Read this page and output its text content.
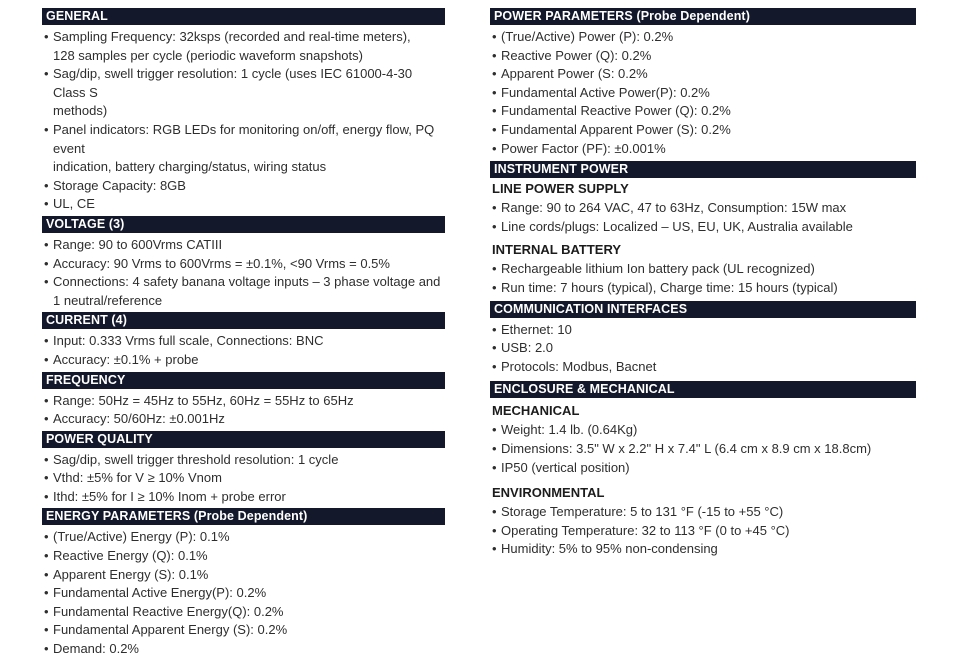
GENERAL
• Sampling Frequency: 32ksps (recorded and real-time meters),
128 samples per cycle (periodic waveform snapshots)
• Sag/dip, swell trigger resolution: 1 cycle (uses IEC 61000-4-30 Class S
methods)
• Panel indicators: RGB LEDs for monitoring on/off, energy flow, PQ event
indication, battery charging/status, wiring status
• Storage Capacity: 8GB
• UL, CE
VOLTAGE (3)
• Range: 90 to 600Vrms CATIII
• Accuracy: 90 Vrms to 600Vrms = ±0.1%, <90 Vrms = 0.5%
• Connections: 4 safety banana voltage inputs – 3 phase voltage and
1 neutral/reference
CURRENT (4)
• Input: 0.333 Vrms full scale, Connections: BNC
• Accuracy: ±0.1% + probe
FREQUENCY
• Range: 50Hz = 45Hz to 55Hz, 60Hz = 55Hz to 65Hz
• Accuracy: 50/60Hz: ±0.001Hz
POWER QUALITY
• Sag/dip, swell trigger threshold resolution: 1 cycle
• Vthd: ±5% for V ≥ 10% Vnom
• Ithd: ±5% for I ≥ 10% Inom + probe error
ENERGY PARAMETERS (Probe Dependent)
• (True/Active) Energy (P): 0.1%
• Reactive Energy (Q): 0.1%
• Apparent Energy (S): 0.1%
• Fundamental Active Energy(P): 0.2%
• Fundamental Reactive Energy(Q): 0.2%
• Fundamental Apparent Energy (S): 0.2%
• Demand: 0.2%
POWER PARAMETERS (Probe Dependent)
• (True/Active) Power (P): 0.2%
• Reactive Power (Q): 0.2%
• Apparent Power (S: 0.2%
• Fundamental Active Power(P): 0.2%
• Fundamental Reactive Power (Q): 0.2%
• Fundamental Apparent Power (S): 0.2%
• Power Factor (PF): ±0.001%
INSTRUMENT POWER
LINE POWER SUPPLY
• Range: 90 to 264 VAC, 47 to 63Hz, Consumption: 15W max
• Line cords/plugs: Localized – US, EU, UK, Australia available
INTERNAL BATTERY
• Rechargeable lithium Ion battery pack (UL recognized)
• Run time: 7 hours (typical), Charge time: 15 hours (typical)
COMMUNICATION INTERFACES
• Ethernet: 10
• USB: 2.0
• Protocols: Modbus, Bacnet
ENCLOSURE & MECHANICAL
MECHANICAL
• Weight: 1.4 lb. (0.64Kg)
• Dimensions: 3.5" W x 2.2" H x 7.4" L (6.4 cm x 8.9 cm x 18.8cm)
• IP50 (vertical position)
ENVIRONMENTAL
• Storage Temperature: 5 to 131 °F (-15 to +55 °C)
• Operating Temperature: 32 to 113 °F (0 to +45 °C)
• Humidity: 5% to 95% non-condensing
